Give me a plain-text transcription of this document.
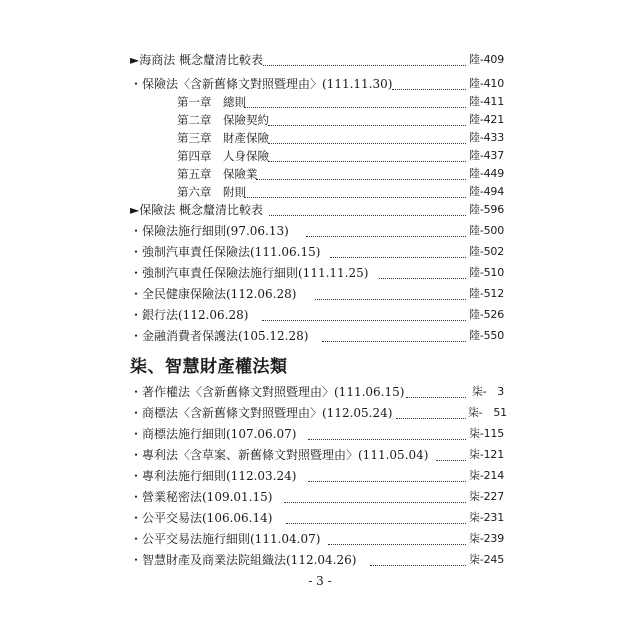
►海商法 概念釐清比較表	陸-409
・保險法〈含新舊條文對照暨理由〉(111.11.30)	陸-410
第一章　總則	陸-411
第二章　保險契約	陸-421
第三章　財產保險	陸-433
第四章　人身保險	陸-437
第五章　保險業	陸-449
第六章　附則	陸-494
►保險法 概念釐清比較表	陸-596
・保險法施行細則(97.06.13)	陸-500
・強制汽車責任保險法(111.06.15)	陸-502
・強制汽車責任保險法施行細則(111.11.25)	陸-510
・全民健康保險法(112.06.28)	陸-512
・銀行法(112.06.28)	陸-526
・金融消費者保護法(105.12.28)	陸-550
柒、智慧財產權法類
・著作權法〈含新舊條文對照暨理由〉(111.06.15)	柒-　3
・商標法〈含新舊條文對照暨理由〉(112.05.24)	柒-　51
・商標法施行細則(107.06.07)	柒-115
・專利法〈含草案、新舊條文對照暨理由〉(111.05.04)	柒-121
・專利法施行細則(112.03.24)	柒-214
・營業秘密法(109.01.15)	柒-227
・公平交易法(106.06.14)	柒-231
・公平交易法施行細則(111.04.07)	柒-239
・智慧財產及商業法院組織法(112.04.26)	柒-245
- 3 -
